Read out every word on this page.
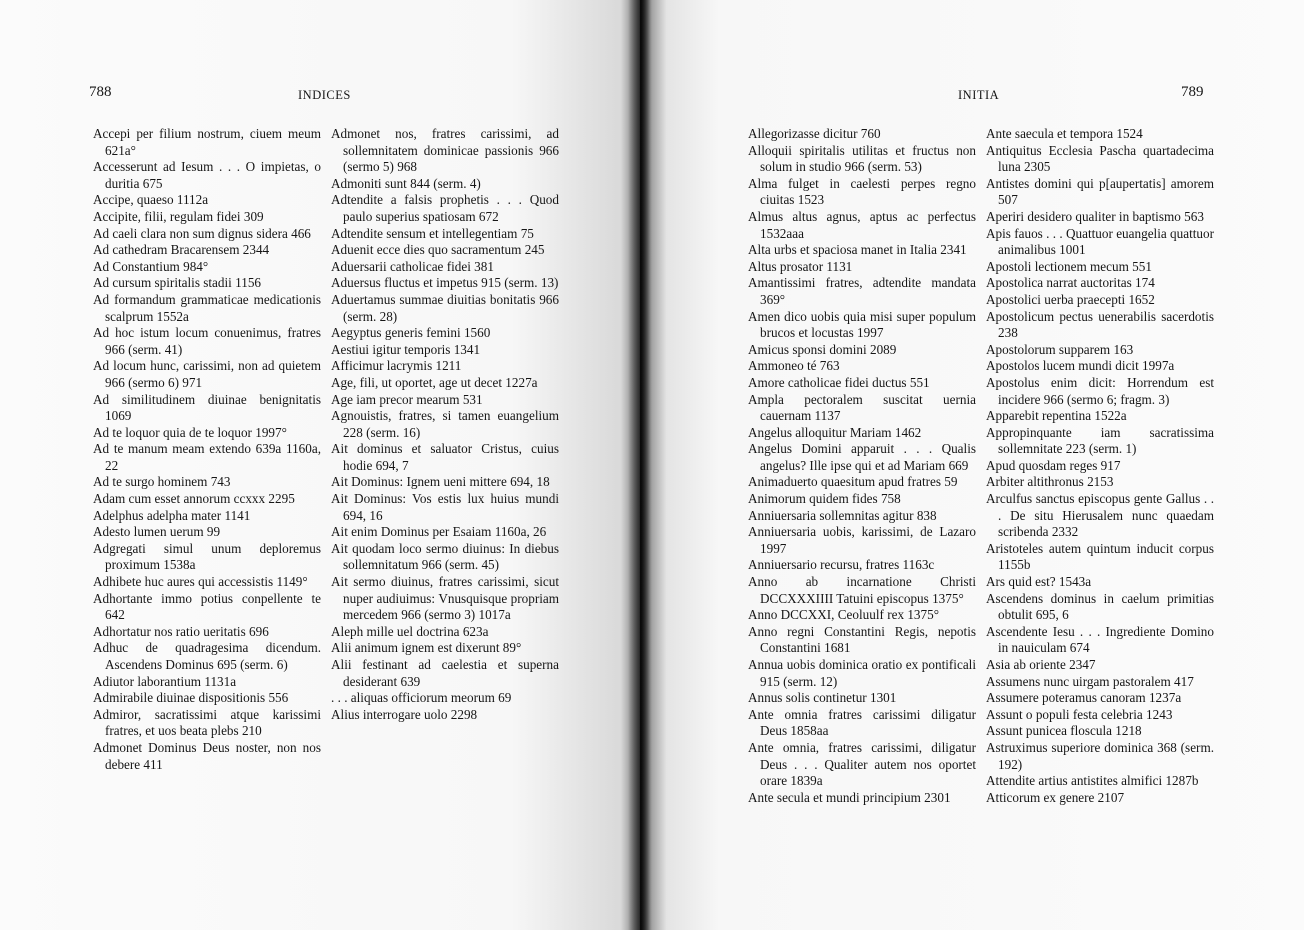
788	INDICES

Accepi per filium nostrum, ciuem meum 621a°

Accesserunt ad Iesum . . . O impietas, o duritia 675

Accipe, quaeso 1112a

Accipite, filii, regulam fidei 309

Ad caeli clara non sum dignus sidera 466

Ad cathedram Bracarensem 2344

Ad Constantium 984°

Ad cursum spiritalis stadii 1156

Ad formandum grammaticae medicationis scalprum 1552a

Ad hoc istum locum conuenimus, fratres 966 (serm. 41)

Ad locum hunc, carissimi, non ad quietem 966 (sermo 6) 971

Ad similitudinem diuinae benignitatis 1069

Ad te loquor quia de te loquor 1997°

Ad te manum meam extendo 639a 1160a, 22

Ad te surgo hominem 743

Adam cum esset annorum ccxxx 2295

Adelphus adelpha mater 1141

Adesto lumen uerum 99

Adgregati simul unum deploremus proximum 1538a

Adhibete huc aures qui accessistis 1149°

Adhortante immo potius conpellente te 642

Adhortatur nos ratio ueritatis 696

Adhuc de quadragesima dicendum. Ascendens Dominus 695 (serm. 6)

Adiutor laborantium 1131a

Admirabile diuinae dispositionis 556

Admiror, sacratissimi atque karissimi fratres, et uos beata plebs 210

Admonet Dominus Deus noster, non nos debere 411

Admonet nos, fratres carissimi, ad sollemnitatem dominicae passionis 966 (sermo 5) 968

Admoniti sunt 844 (serm. 4)

Adtendite a falsis prophetis . . . Quod paulo superius spatiosam 672

Adtendite sensum et intellegentiam 75

Aduenit ecce dies quo sacramentum 245

Aduersarii catholicae fidei 381

Aduersus fluctus et impetus 915 (serm. 13)

Aduertamus summae diuitias bonitatis 966 (serm. 28)

Aegyptus generis femini 1560

Aestiui igitur temporis 1341

Afficimur lacrymis 1211

Age, fili, ut oportet, age ut decet 1227a

Age iam precor mearum 531

Agnouistis, fratres, si tamen euangelium 228 (serm. 16)

Ait dominus et saluator Cristus, cuius hodie 694, 7

Ait Dominus: Ignem ueni mittere 694, 18

Ait Dominus: Vos estis lux huius mundi 694, 16

Ait enim Dominus per Esaiam 1160a, 26

Ait quodam loco sermo diuinus: In diebus sollemnitatum 966 (serm. 45)

Ait sermo diuinus, fratres carissimi, sicut nuper audiuimus: Vnusquisque propriam mercedem 966 (sermo 3) 1017a

Aleph mille uel doctrina 623a

Alii animum ignem est dixerunt 89°

Alii festinant ad caelestia et superna desiderant 639

. . . aliquas officiorum meorum 69

Alius interrogare uolo 2298

INITIA	789

Allegorizasse dicitur 760

Alloquii spiritalis utilitas et fructus non solum in studio 966 (serm. 53)

Alma fulget in caelesti perpes regno ciuitas 1523

Almus altus agnus, aptus ac perfectus 1532aaa

Alta urbs et spaciosa manet in Italia 2341

Altus prosator 1131

Amantissimi fratres, adtendite mandata 369°

Amen dico uobis quia misi super populum brucos et locustas 1997

Amicus sponsi domini 2089

Ammoneo té 763

Amore catholicae fidei ductus 551

Ampla pectoralem suscitat uernia cauernam 1137

Angelus alloquitur Mariam 1462

Angelus Domini apparuit . . . Qualis angelus? Ille ipse qui et ad Mariam 669

Animaduerto quaesitum apud fratres 59

Animorum quidem fides 758

Anniuersaria sollemnitas agitur 838

Anniuersaria uobis, karissimi, de Lazaro 1997

Anniuersario recursu, fratres 1163c

Anno ab incarnatione Christi DCCXXXIIII Tatuini episcopus 1375°

Anno DCCXXI, Ceoluulf rex 1375°

Anno regni Constantini Regis, nepotis Constantini 1681

Annua uobis dominica oratio ex pontificali 915 (serm. 12)

Annus solis continetur 1301

Ante omnia fratres carissimi diligatur Deus 1858aa

Ante omnia, fratres carissimi, diligatur Deus . . . Qualiter autem nos oportet orare 1839a

Ante secula et mundi principium 2301

Ante saecula et tempora 1524

Antiquitus Ecclesia Pascha quartadecima luna 2305

Antistes domini qui p[aupertatis] amorem 507

Aperiri desidero qualiter in baptismo 563

Apis fauos . . . Quattuor euangelia quattuor animalibus 1001

Apostoli lectionem mecum 551

Apostolica narrat auctoritas 174

Apostolici uerba praecepti 1652

Apostolicum pectus uenerabilis sacerdotis 238

Apostolorum supparem 163

Apostolos lucem mundi dicit 1997a

Apostolus enim dicit: Horrendum est incidere 966 (sermo 6; fragm. 3)

Apparebit repentina 1522a

Appropinquante iam sacratissima sollemnitate 223 (serm. 1)

Apud quosdam reges 917

Arbiter altithronus 2153

Arculfus sanctus episcopus gente Gallus . . . De situ Hierusalem nunc quaedam scribenda 2332

Aristoteles autem quintum inducit corpus 1155b

Ars quid est? 1543a

Ascendens dominus in caelum primitias obtulit 695, 6

Ascendente Iesu . . . Ingrediente Domino in nauiculam 674

Asia ab oriente 2347

Assumens nunc uirgam pastoralem 417

Assumere poteramus canoram 1237a

Assunt o populi festa celebria 1243

Assunt punicea floscula 1218

Astruximus superiore dominica 368 (serm. 192)

Attendite artius antistites almifici 1287b

Atticorum ex genere 2107
